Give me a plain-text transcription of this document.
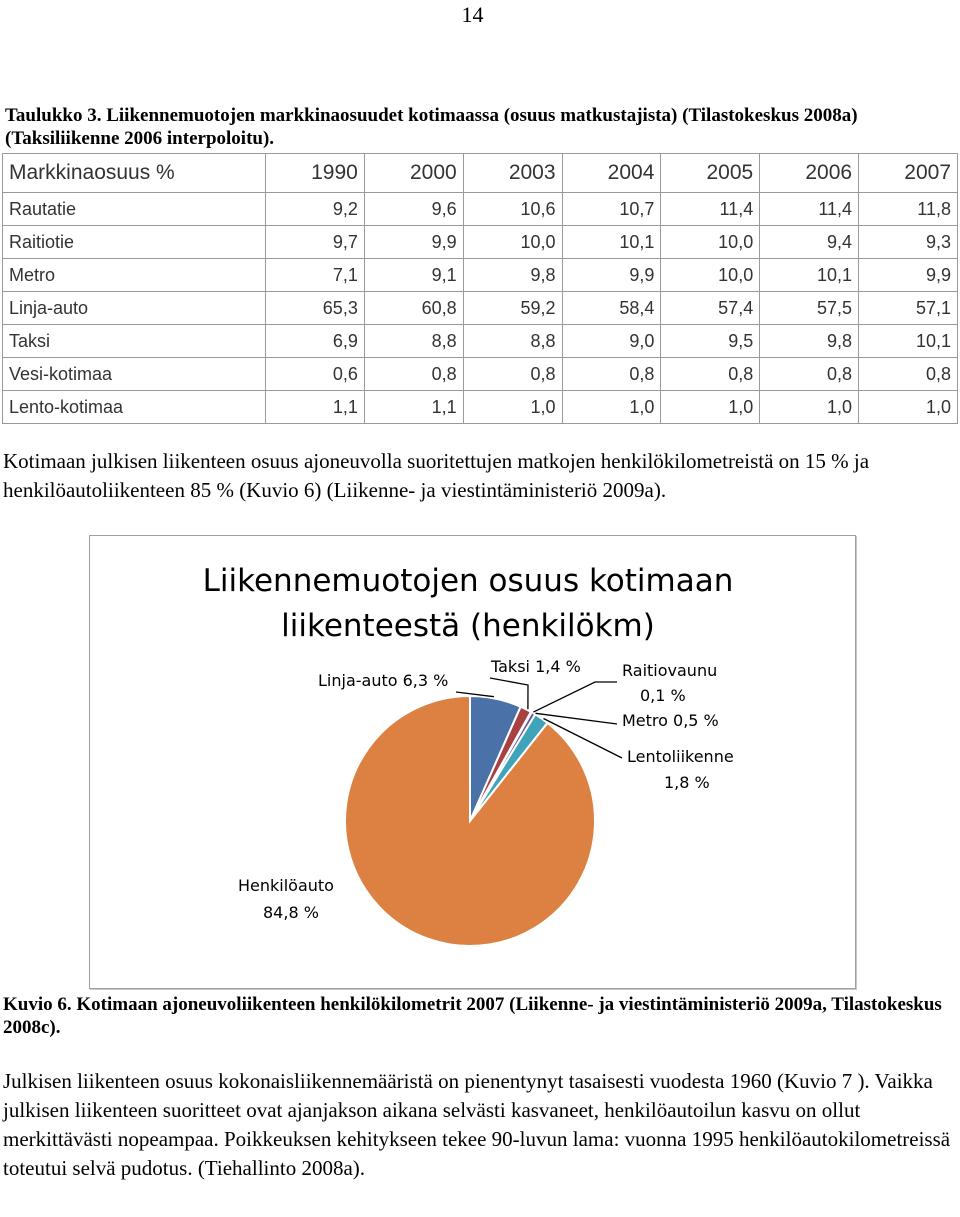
14
Taulukko 3. Liikennemuotojen markkinaosuudet kotimaassa (osuus matkustajista) (Tilastokeskus 2008a) (Taksiliikenne 2006 interpoloitu).
Markkinaosuus %	1990	2000	2003	2004	2005	2006	2007
Rautatie	9,2	9,6	10,6	10,7	11,4	11,4	11,8
Raitiotie	9,7	9,9	10,0	10,1	10,0	9,4	9,3
Metro	7,1	9,1	9,8	9,9	10,0	10,1	9,9
Linja-auto	65,3	60,8	59,2	58,4	57,4	57,5	57,1
Taksi	6,9	8,8	8,8	9,0	9,5	9,8	10,1
Vesi-kotimaa	0,6	0,8	0,8	0,8	0,8	0,8	0,8
Lento-kotimaa	1,1	1,1	1,0	1,0	1,0	1,0	1,0
Kotimaan julkisen liikenteen osuus ajoneuvolla suoritettujen matkojen henkilökilometreistä on 15 % ja henkilöautoliikenteen 85 % (Kuvio 6) (Liikenne- ja viestintäministeriö 2009a).
Liikennemuotojen osuus kotimaan
liikenteestä (henkilökm)
Linja-auto 6,3 %
Taksi 1,4 %	Raitiovaunu
0,1 %
Metro 0,5 %
Lentoliikenne
1,8 %
Henkilöauto
84,8 %
Kuvio 6. Kotimaan ajoneuvoliikenteen henkilökilometrit 2007 (Liikenne- ja viestintäministeriö 2009a, Tilastokeskus 2008c).
Julkisen liikenteen osuus kokonaisliikennemääristä on pienentynyt tasaisesti vuodesta 1960 (Kuvio 7 ). Vaikka julkisen liikenteen suoritteet ovat ajanjakson aikana selvästi kasvaneet, henkilöautoilun kasvu on ollut merkittävästi nopeampaa. Poikkeuksen kehitykseen tekee 90-luvun lama: vuonna 1995 henkilöautokilometreissä toteutui selvä pudotus. (Tiehallinto 2008a).
